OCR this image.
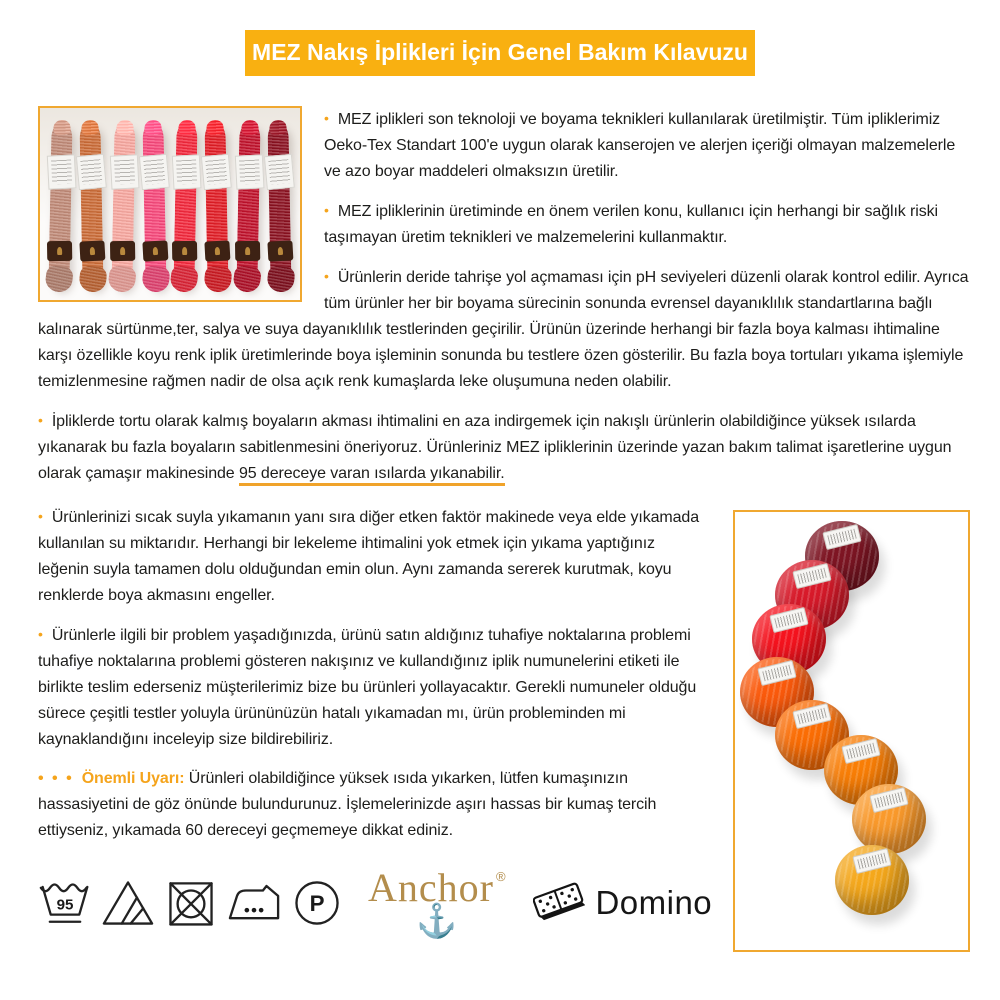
MEZ Nakış İplikleri İçin Genel Bakım Kılavuzu

• MEZ iplikleri son teknoloji ve boyama teknikleri kullanılarak üretilmiştir. Tüm ipliklerimiz Oeko-Tex Standart 100'e uygun olarak kanserojen ve alerjen içeriği olmayan malzemelerle ve azo boyar maddeleri olmaksızın üretilir.

• MEZ ipliklerinin üretiminde en önem verilen konu, kullanıcı için herhangi bir sağlık riski taşımayan üretim teknikleri ve malzemelerini kullanmaktır.

• Ürünlerin deride tahrişe yol açmaması için pH seviyeleri düzenli olarak kontrol edilir. Ayrıca tüm ürünler her bir boyama sürecinin sonunda evrensel dayanıklılık standartlarına bağlı kalınarak sürtünme,ter, salya ve suya dayanıklılık testlerinden geçirilir. Ürünün üzerinde herhangi bir fazla boya kalması ihtimaline karşı özellikle koyu renk iplik üretimlerinde boya işleminin sonunda bu testlere özen gösterilir. Bu fazla boya tortuları yıkama işlemiyle temizlenmesine rağmen nadir de olsa açık renk kumaşlarda leke oluşumuna neden olabilir.

• İpliklerde tortu olarak kalmış boyaların akması ihtimalini en aza indirgemek için nakışlı ürünlerin olabildiğince yüksek ısılarda yıkanarak bu fazla boyaların sabitlenmesini öneriyoruz. Ürünleriniz MEZ ipliklerinin üzerinde yazan bakım talimat işaretlerine uygun olarak çamaşır makinesinde 95 dereceye varan ısılarda yıkanabilir.

• Ürünlerinizi sıcak suyla yıkamanın yanı sıra diğer etken faktör makinede veya elde yıkamada kullanılan su miktarıdır. Herhangi bir lekeleme ihtimalini yok etmek için yıkama yaptığınız leğenin suyla tamamen dolu olduğundan emin olun. Aynı zamanda sererek kurutmak, koyu renklerde boya akmasını engeller.

• Ürünlerle ilgili bir problem yaşadığınızda, ürünü satın aldığınız tuhafiye noktalarına problemi tuhafiye noktalarına problemi gösteren nakışınız ve kullandığınız iplik numunelerini etiketi ile birlikte teslim ederseniz müşterilerimiz bize bu ürünleri yollayacaktır. Gerekli numuneler olduğu sürece çeşitli testler yoluyla ürününüzün hatalı yıkamadan mı, ürün probleminden mi kaynaklandığını inceleyip size bildirebiliriz.

• • • Önemli Uyarı: Ürünleri olabildiğince yüksek ısıda yıkarken, lütfen kumaşınızın hassasiyetini de göz önünde bulundurunuz. İşlemelerinizde aşırı hassas bir kumaş tercih ettiyseniz, yıkamada 60 dereceyi geçmemeye dikkat ediniz.

95	P Anchor ®
⚓	Domino
